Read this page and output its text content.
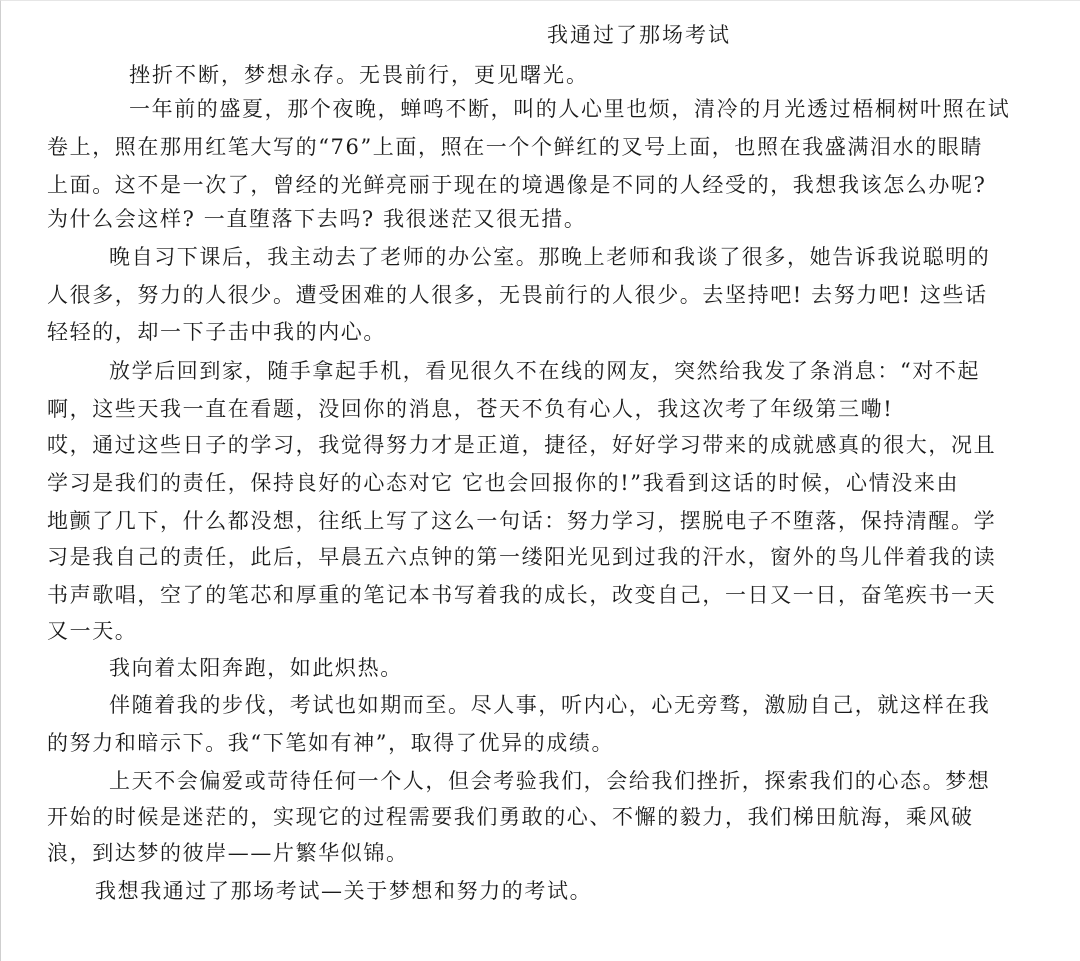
我通过了那场考试
挫折不断，梦想永存。无畏前行，更见曙光。
一年前的盛夏，那个夜晚，蝉鸣不断，叫的人心里也烦，清冷的月光透过梧桐树叶照在试
卷上，照在那用红笔大写的“76”上面，照在一个个鲜红的叉号上面，也照在我盛满泪水的眼睛
上面。这不是一次了，曾经的光鲜亮丽于现在的境遇像是不同的人经受的，我想我该怎么办呢?
为什么会这样? 一直堕落下去吗? 我很迷茫又很无措。
晚自习下课后，我主动去了老师的办公室。那晚上老师和我谈了很多，她告诉我说聪明的
人很多，努力的人很少。遭受困难的人很多，无畏前行的人很少。去坚持吧! 去努力吧! 这些话
轻轻的，却一下子击中我的内心。
放学后回到家，随手拿起手机，看见很久不在线的网友，突然给我发了条消息：“对不起
啊，这些天我一直在看题，没回你的消息，苍天不负有心人，我这次考了年级第三嘞!
哎，通过这些日子的学习，我觉得努力才是正道，捷径，好好学习带来的成就感真的很大，况且
学习是我们的责任，保持良好的心态对它 它也会回报你的!”我看到这话的时候，心情没来由
地颤了几下，什么都没想，往纸上写了这么一句话：努力学习，摆脱电子不堕落，保持清醒。学
习是我自己的责任，此后，早晨五六点钟的第一缕阳光见到过我的汗水，窗外的鸟儿伴着我的读
书声歌唱，空了的笔芯和厚重的笔记本书写着我的成长，改变自己，一日又一日，奋笔疾书一天
又一天。
我向着太阳奔跑，如此炽热。
伴随着我的步伐，考试也如期而至。尽人事，听内心，心无旁骛，激励自己，就这样在我
的努力和暗示下。我“下笔如有神”，取得了优异的成绩。
上天不会偏爱或苛待任何一个人，但会考验我们，会给我们挫折，探索我们的心态。梦想
开始的时候是迷茫的，实现它的过程需要我们勇敢的心、不懈的毅力，我们梯田航海，乘风破
浪，到达梦的彼岸——片繁华似锦。
我想我通过了那场考试—关于梦想和努力的考试。
